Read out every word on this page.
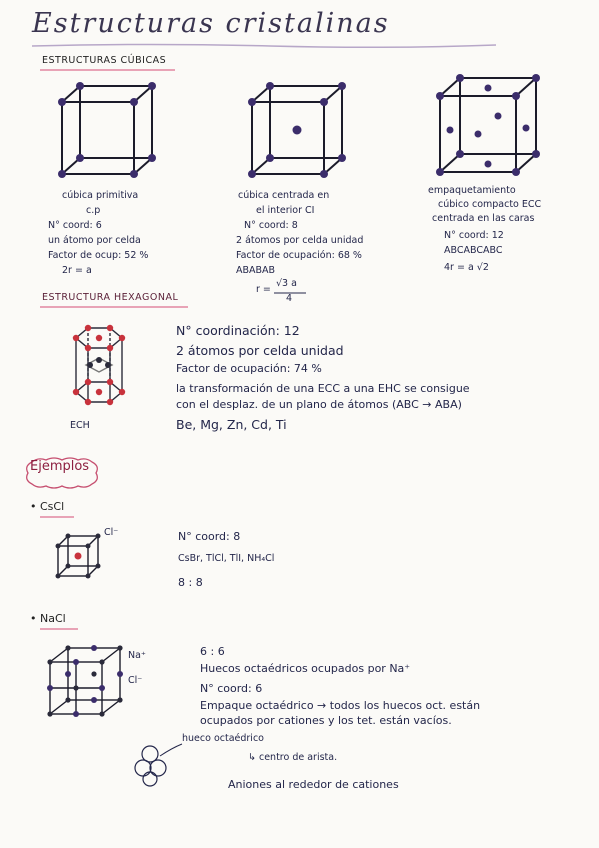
Estructuras cristalinas
ESTRUCTURAS CÚBICAS
cúbica primitiva
c.p
N° coord: 6
un átomo por celda
Factor de ocup: 52 %
2r = a
cúbica centrada en
el interior CI
N° coord: 8
2 átomos por celda unidad
Factor de ocupación: 68 %
ABABAB
r =
√3 a
4
empaquetamiento
cúbico compacto ECC
centrada en las caras
N° coord: 12
ABCABCABC
4r = a √2
ESTRUCTURA HEXAGONAL
ECH
N° coordinación: 12
2 átomos por celda unidad
Factor de ocupación: 74 %
la transformación de una ECC a una EHC se consigue
con el desplaz. de un plano de átomos (ABC → ABA)
Be, Mg, Zn, Cd, Ti
Ejemplos
• CsCl
Cl⁻	N° coord: 8
CsBr, TlCl, TlI, NH₄Cl
8 : 8
• NaCl
Na⁺
Cl⁻
6 : 6
Huecos octaédricos ocupados por Na⁺
N° coord: 6
Empaque octaédrico → todos los huecos oct. están
ocupados por cationes y los tet. están vacíos.
hueco octaédrico
↳ centro de arista.
Aniones al rededor de cationes
